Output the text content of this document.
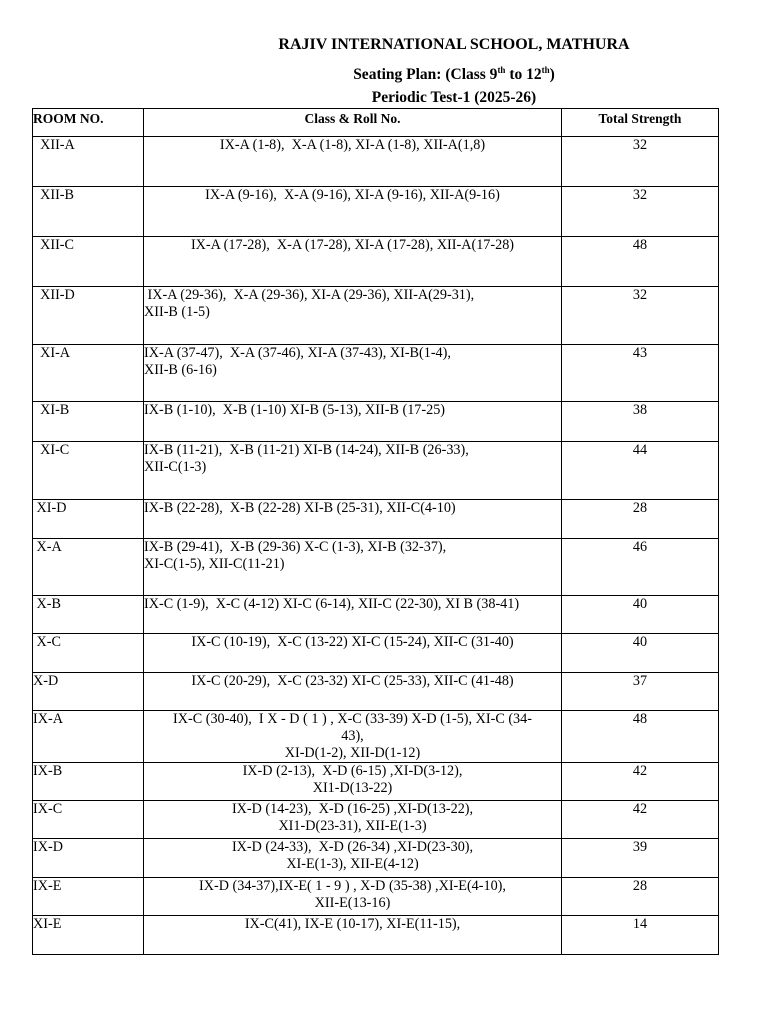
RAJIV INTERNATIONAL SCHOOL, MATHURA
Seating Plan: (Class 9th to 12th)
Periodic Test-1 (2025-26)
ROOM NO.	Class & Roll No.	Total Strength
XII-A	IX-A (1-8),  X-A (1-8), XI-A (1-8), XII-A(1,8)	32
XII-B	IX-A (9-16),  X-A (9-16), XI-A (9-16), XII-A(9-16)	32
XII-C	IX-A (17-28),  X-A (17-28), XI-A (17-28), XII-A(17-28)	48
XII-D	IX-A (29-36),  X-A (29-36), XI-A (29-36), XII-A(29-31),
XII-B (1-5)	32
XI-A	IX-A (37-47),  X-A (37-46), XI-A (37-43), XI-B(1-4),
XII-B (6-16)	43
XI-B	IX-B (1-10),  X-B (1-10) XI-B (5-13), XII-B (17-25)	38
XI-C	IX-B (11-21),  X-B (11-21) XI-B (14-24), XII-B (26-33),
XII-C(1-3)	44
XI-D	IX-B (22-28),  X-B (22-28) XI-B (25-31), XII-C(4-10)	28
X-A	IX-B (29-41),  X-B (29-36) X-C (1-3), XI-B (32-37),
XI-C(1-5), XII-C(11-21)	46
X-B	IX-C (1-9),  X-C (4-12) XI-C (6-14), XII-C (22-30), XI B (38-41)	40
X-C	IX-C (10-19),  X-C (13-22) XI-C (15-24), XII-C (31-40)	40
X-D	IX-C (20-29),  X-C (23-32) XI-C (25-33), XII-C (41-48)	37
IX-A	IX-C (30-40),  I X - D ( 1 ) , X-C (33-39) X-D (1-5), XI-C (34-
43),
XI-D(1-2), XII-D(1-12)	48
IX-B	IX-D (2-13),  X-D (6-15) ,XI-D(3-12),
XI1-D(13-22)	42
IX-C	IX-D (14-23),  X-D (16-25) ,XI-D(13-22),
XI1-D(23-31), XII-E(1-3)	42
IX-D	IX-D (24-33),  X-D (26-34) ,XI-D(23-30),
XI-E(1-3), XII-E(4-12)	39
IX-E	IX-D (34-37),IX-E( 1 - 9 ) , X-D (35-38) ,XI-E(4-10),
XII-E(13-16)	28
XI-E	IX-C(41), IX-E (10-17), XI-E(11-15),	14
